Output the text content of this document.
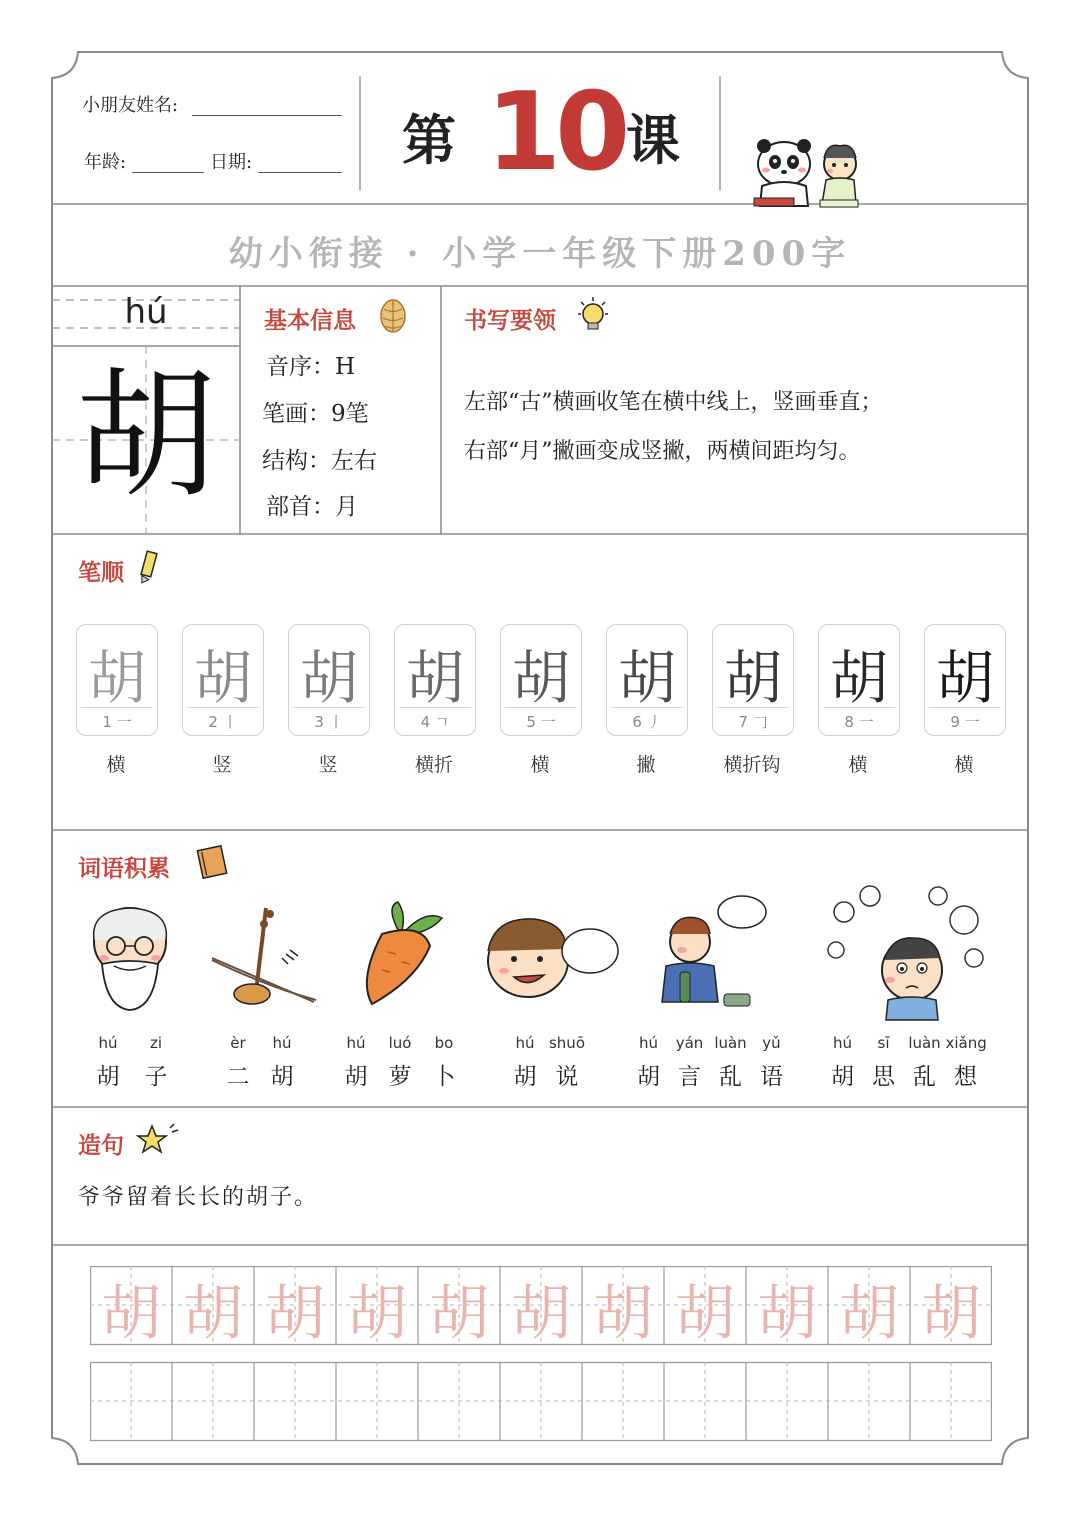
小朋友姓名:
年龄:	日期:	第 10 课
幼小衔接 · 小学一年级下册200字
hú
胡
基本信息
音序：H
笔画：9笔
结构：左右
部首：月
书写要领
左部“古”横画收笔在横中线上，竖画垂直；
右部“月”撇画变成竖撇，两横间距均匀。
笔顺
词语积累
造句
爷爷留着长长的胡子。
胡
1 一
横
胡
2 丨
竖
胡
3 丨
竖
胡
4 ㄱ
横折
胡
5 一
横
胡
6 丿
撇
胡
7 𠃌
横折钩
胡
8 一
横
胡
9 一
横
hú
胡
zi
子
èr
二
hú
胡
hú
胡
luó
萝
bo
卜
hú
胡
shuō
说
hú
胡
yán
言
luàn
乱
yǔ
语
hú
胡
sī
思
luàn
乱
xiǎng
想
胡 胡 胡 胡 胡 胡 胡 胡 胡 胡 胡
